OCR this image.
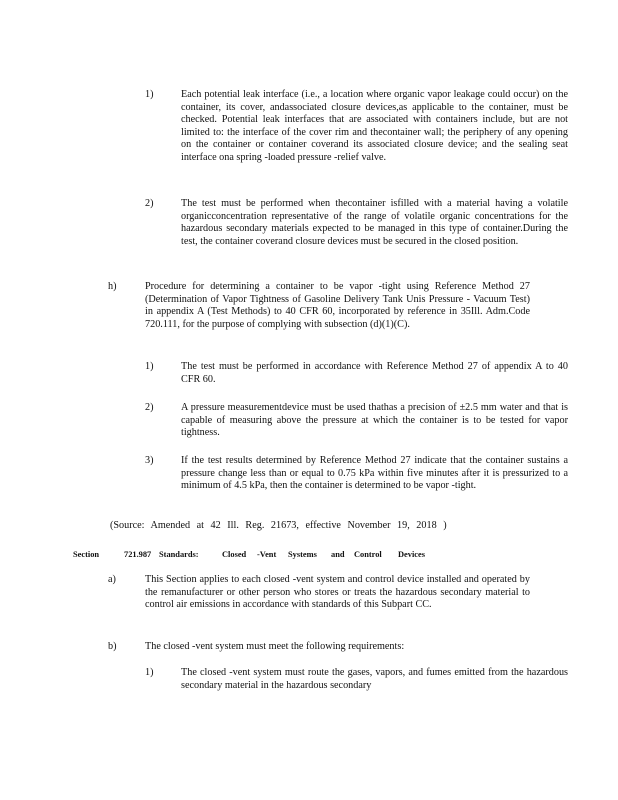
1)	Each potential leak interface (i.e., a location where organic vapor leakage could occur) on the container, its cover, andassociated closure devices,as applicable to the container, must be checked. Potential leak interfaces that are associated with containers include, but are not limited to: the interface of the cover rim and thecontainer wall; the periphery of any opening on the container or container coverand its associated closure device; and the sealing seat interface ona spring -loaded pressure -relief valve.
2)	The test must be performed when thecontainer isfilled with a material having a volatile organicconcentration representative of the range of volatile organic concentrations for the hazardous secondary materials expected to be managed in this type of container.During the test, the container coverand closure devices must be secured in the closed position.
h)	Procedure for determining a container to be vapor -tight using Reference Method 27 (Determination of Vapor Tightness of Gasoline Delivery Tank Unis Pressure - Vacuum Test) in appendix A (Test Methods) to 40 CFR 60, incorporated by reference in 35Ill. Adm.Code 720.111, for the purpose of complying with subsection (d)(1)(C).
1)	The test must be performed in accordance with Reference Method 27 of appendix A to 40 CFR 60.
2)	A pressure measurementdevice must be used thathas a precision of ±2.5 mm water and that is capable of measuring above the pressure at which the container is to be tested for vapor tightness.
3)	If the test results determined by Reference Method 27 indicate that the container sustains a pressure change less than or equal to 0.75 kPa within five minutes after it is pressurized to a minimum of 4.5 kPa, then the container is determined to be vapor -tight.
(Source: Amended at 42 Ill. Reg. 21673, effective November 19, 2018 )
Section	721.987 Standards:	Closed -Vent Systems and Control Devices
a)	This Section applies to each closed -vent system and control device installed and operated by the remanufacturer or other person who stores or treats the hazardous secondary material to control air emissions in accordance with standards of this Subpart CC.
b)	The closed -vent system must meet the following requirements:
1)	The closed -vent system must route the gases, vapors, and fumes emitted from the hazardous secondary material in the hazardous secondary
